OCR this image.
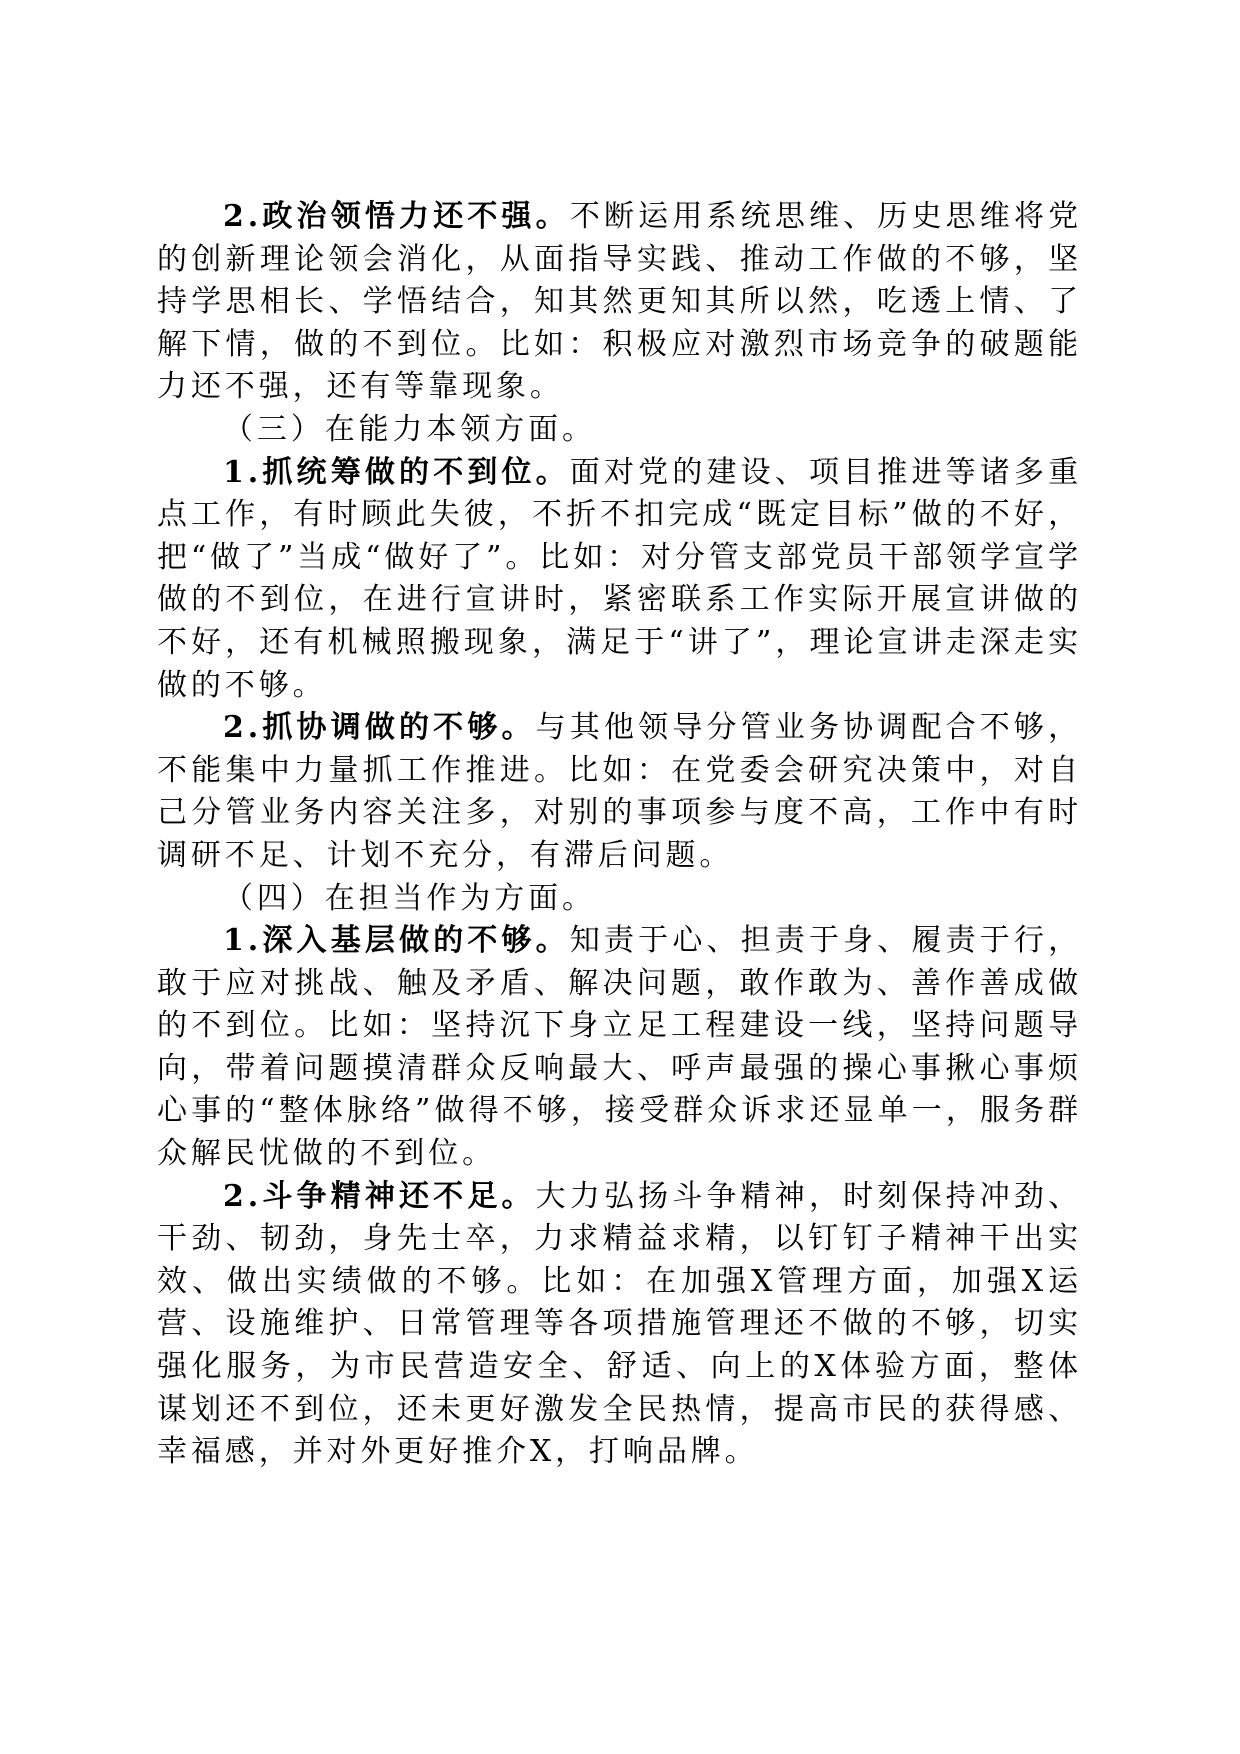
2.政治领悟力还不强。不断运用系统思维、历史思维将党的创新理论领会消化，从面指导实践、推动工作做的不够，坚持学思相长、学悟结合，知其然更知其所以然，吃透上情、了解下情，做的不到位。比如：积极应对激烈市场竞争的破题能力还不强，还有等靠现象。

（三）在能力本领方面。

1.抓统筹做的不到位。面对党的建设、项目推进等诸多重点工作，有时顾此失彼，不折不扣完成“既定目标”做的不好，把“做了”当成“做好了”。比如：对分管支部党员干部领学宣学做的不到位，在进行宣讲时，紧密联系工作实际开展宣讲做的不好，还有机械照搬现象，满足于“讲了”，理论宣讲走深走实做的不够。

2.抓协调做的不够。与其他领导分管业务协调配合不够，不能集中力量抓工作推进。比如：在党委会研究决策中，对自己分管业务内容关注多，对别的事项参与度不高，工作中有时调研不足、计划不充分，有滞后问题。

（四）在担当作为方面。

1.深入基层做的不够。知责于心、担责于身、履责于行，敢于应对挑战、触及矛盾、解决问题，敢作敢为、善作善成做的不到位。比如：坚持沉下身立足工程建设一线，坚持问题导向，带着问题摸清群众反响最大、呼声最强的操心事揪心事烦心事的“整体脉络”做得不够，接受群众诉求还显单一，服务群众解民忧做的不到位。

2.斗争精神还不足。大力弘扬斗争精神，时刻保持冲劲、干劲、韧劲，身先士卒，力求精益求精，以钉钉子精神干出实效、做出实绩做的不够。比如：在加强X管理方面，加强X运营、设施维护、日常管理等各项措施管理还不做的不够，切实强化服务，为市民营造安全、舒适、向上的X体验方面，整体谋划还不到位，还未更好激发全民热情，提高市民的获得感、幸福感，并对外更好推介X，打响品牌。
